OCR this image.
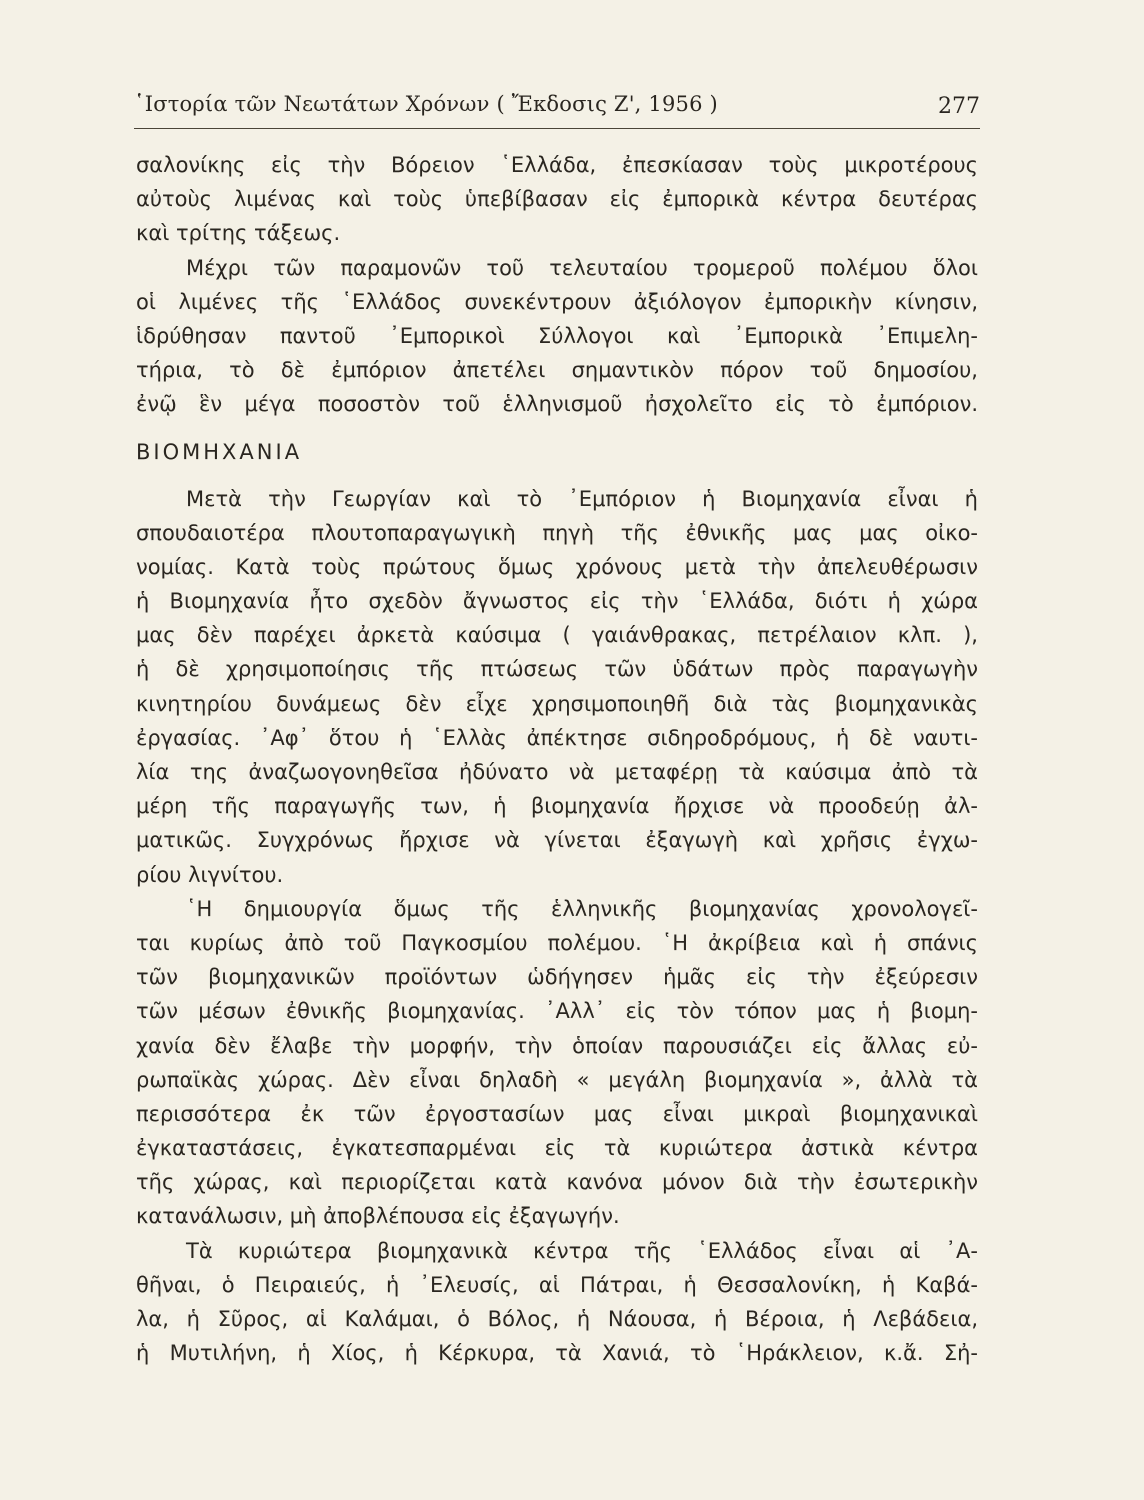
῾Ιστορία τῶν Νεωτάτων Χρόνων ( Ἔκδοσις Ζ', 1956 )	277
σαλονίκης εἰς τὴν Βόρειον ῾Ελλάδα, ἐπεσκίασαν τοὺς μικροτέρους
αὐτοὺς λιμένας καὶ τοὺς ὑπεβίβασαν εἰς ἐμπορικὰ κέντρα δευτέρας
καὶ τρίτης τάξεως.
Μέχρι τῶν παραμονῶν τοῦ τελευταίου τρομεροῦ πολέμου ὅλοι
οἱ λιμένες τῆς ῾Ελλάδος συνεκέντρουν ἀξιόλογον ἐμπορικὴν κίνησιν,
ἱδρύθησαν παντοῦ ᾽Εμπορικοὶ Σύλλογοι καὶ ᾽Εμπορικὰ ᾽Επιμελη-
τήρια, τὸ δὲ ἐμπόριον ἀπετέλει σημαντικὸν πόρον τοῦ δημοσίου,
ἐνῷ ἓν μέγα ποσοστὸν τοῦ ἑλληνισμοῦ ἠσχολεῖτο εἰς τὸ ἐμπόριον.
ΒΙΟΜΗΧΑΝΙΑ
Μετὰ τὴν Γεωργίαν καὶ τὸ ᾽Εμπόριον ἡ Βιομηχανία εἶναι ἡ
σπουδαιοτέρα πλουτοπαραγωγικὴ πηγὴ τῆς ἐθνικῆς μας μας οἰκο-
νομίας. Κατὰ τοὺς πρώτους ὅμως χρόνους μετὰ τὴν ἀπελευθέρωσιν
ἡ Βιομηχανία ἦτο σχεδὸν ἄγνωστος εἰς τὴν ῾Ελλάδα, διότι ἡ χώρα
μας δὲν παρέχει ἀρκετὰ καύσιμα ( γαιάνθρακας, πετρέλαιον κλπ. ),
ἡ δὲ χρησιμοποίησις τῆς πτώσεως τῶν ὑδάτων πρὸς παραγωγὴν
κινητηρίου δυνάμεως δὲν εἶχε χρησιμοποιηθῆ διὰ τὰς βιομηχανικὰς
ἐργασίας. ᾽Αφ᾽ ὅτου ἡ ῾Ελλὰς ἀπέκτησε σιδηροδρόμους, ἡ δὲ ναυτι-
λία της ἀναζωογονηθεῖσα ἠδύνατο νὰ μεταφέρῃ τὰ καύσιμα ἀπὸ τὰ
μέρη τῆς παραγωγῆς των, ἡ βιομηχανία ἤρχισε νὰ προοδεύῃ ἀλ-
ματικῶς. Συγχρόνως ἤρχισε νὰ γίνεται ἐξαγωγὴ καὶ χρῆσις ἐγχω-
ρίου λιγνίτου.
῾Η δημιουργία ὅμως τῆς ἑλληνικῆς βιομηχανίας χρονολογεῖ-
ται κυρίως ἀπὸ τοῦ Παγκοσμίου πολέμου. ῾Η ἀκρίβεια καὶ ἡ σπάνις
τῶν βιομηχανικῶν προϊόντων ὡδήγησεν ἡμᾶς εἰς τὴν ἐξεύρεσιν
τῶν μέσων ἐθνικῆς βιομηχανίας. ᾽Αλλ᾽ εἰς τὸν τόπον μας ἡ βιομη-
χανία δὲν ἔλαβε τὴν μορφήν, τὴν ὁποίαν παρουσιάζει εἰς ἄλλας εὐ-
ρωπαϊκὰς χώρας. Δὲν εἶναι δηλαδὴ « μεγάλη βιομηχανία », ἀλλὰ τὰ
περισσότερα ἐκ τῶν ἐργοστασίων μας εἶναι μικραὶ βιομηχανικαὶ
ἐγκαταστάσεις, ἐγκατεσπαρμέναι εἰς τὰ κυριώτερα ἀστικὰ κέντρα
τῆς χώρας, καὶ περιορίζεται κατὰ κανόνα μόνον διὰ τὴν ἐσωτερικὴν
κατανάλωσιν, μὴ ἀποβλέπουσα εἰς ἐξαγωγήν.
Τὰ κυριώτερα βιομηχανικὰ κέντρα τῆς ῾Ελλάδος εἶναι αἱ ᾽Α-
θῆναι, ὁ Πειραιεύς, ἡ ᾽Ελευσίς, αἱ Πάτραι, ἡ Θεσσαλονίκη, ἡ Καβά-
λα, ἡ Σῦρος, αἱ Καλάμαι, ὁ Βόλος, ἡ Νάουσα, ἡ Βέροια, ἡ Λεβάδεια,
ἡ Μυτιλήνη, ἡ Χίος, ἡ Κέρκυρα, τὰ Χανιά, τὸ ῾Ηράκλειον, κ.ἄ. Σἠ-
